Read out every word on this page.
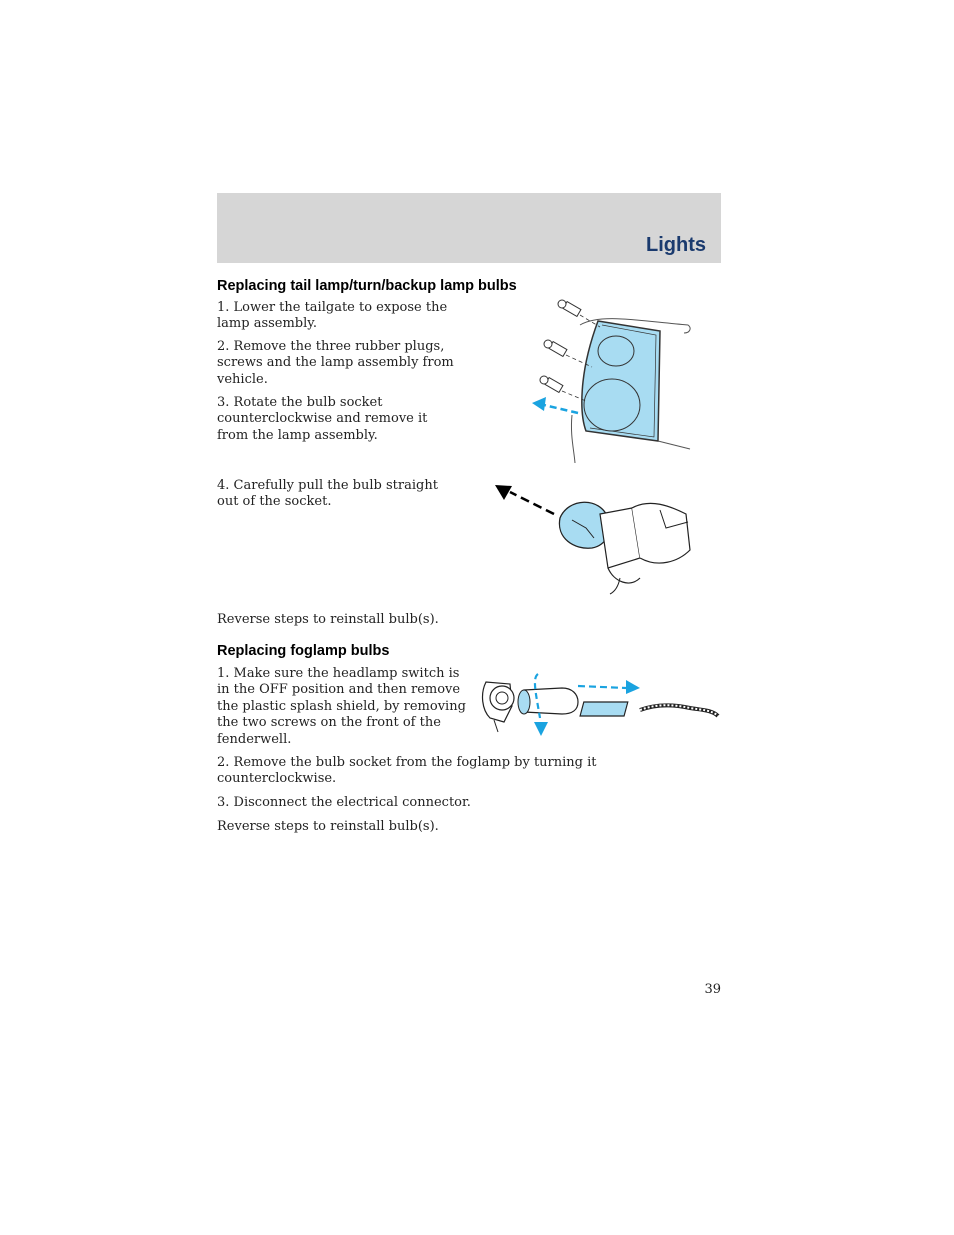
Lights
Replacing tail lamp/turn/backup lamp bulbs
1. Lower the tailgate to expose the lamp assembly.
2. Remove the three rubber plugs, screws and the lamp assembly from vehicle.
3. Rotate the bulb socket counterclockwise and remove it from the lamp assembly.
4. Carefully pull the bulb straight out of the socket.
Reverse steps to reinstall bulb(s).
Replacing foglamp bulbs
1. Make sure the headlamp switch is in the OFF position and then remove the plastic splash shield, by removing the two screws on the front of the fenderwell.
2. Remove the bulb socket from the foglamp by turning it counterclockwise.
3. Disconnect the electrical connector.
Reverse steps to reinstall bulb(s).
39
